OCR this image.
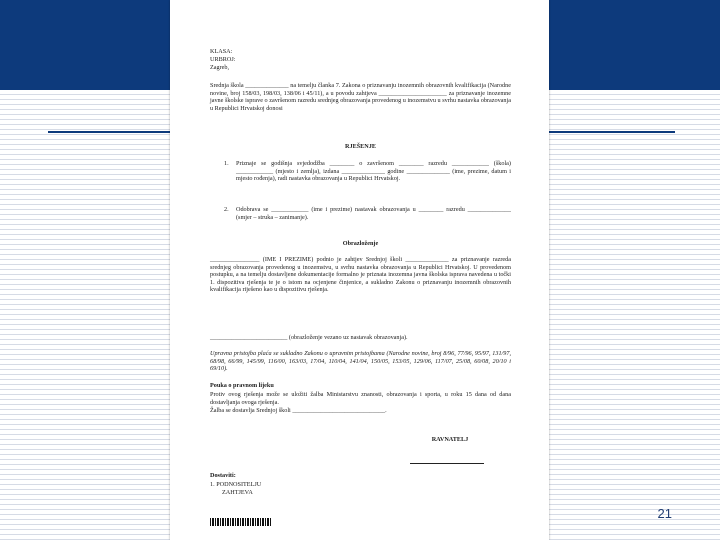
KLASA:
URBROJ:
Zagreb,
Srednja škola ______________ na temelju članka 7. Zakona o priznavanju inozemnih obrazovnih kvalifikacija (Narodne novine, broj 158/03, 198/03, 138/06 i 45/11), a u povodu zahtjeva ______________________ za priznavanje inozemne javne školske isprave o završenom razredu srednjeg obrazovanja provedenog u inozemstvu u svrhu nastavka obrazovanja u Republici Hrvatskoj donosi
RJEŠENJE
1. Priznaje se godišnja svjedodžba ________ o završenom ________ razredu ____________ (škola) ____________ (mjesto i zemlja), izdana ______________ godine ______________ (ime, prezime, datum i mjesto rođenja), radi nastavka obrazovanja u Republici Hrvatskoj.
2. Odobrava se ____________ (ime i prezime) nastavak obrazovanja u ________ razredu ______________ (smjer – struka – zanimanje).
Obrazloženje
________________ (IME I PREZIME) podnio je zahtjev Srednjoj školi ______________ za priznavanje razreda srednjeg obrazovanja provedenog u inozemstvu, u svrhu nastavka obrazovanja u Republici Hrvatskoj. U provedenom postupku, a na temelju dostavljene dokumentacije formalno je priznata inozemna javna školska isprava navedena u točki 1. dispozitiva rješenja te je o istom na ocjenjene činjenice, a sukladno Zakonu o priznavanju inozemnih obrazovnih kvalifikacija riješeno kao u dispozitivu rješenja.
_________________________ (obrazloženje vezano uz nastavak obrazovanja).
Upravna pristojba plaća se sukladno Zakonu o upravnim pristojbama (Narodne novine, broj 8/96, 77/96, 95/97, 131/97, 68/98, 66/99, 145/99, 116/00, 163/03, 17/04, 110/04, 141/04, 150/05, 153/05, 129/06, 117/07, 25/08, 60/08, 20/10 i 69/10).
Pouka o pravnom lijeku
Protiv ovog rješenja može se uložiti žalba Ministarstvu znanosti, obrazovanja i sporta, u roku 15 dana od dana dostavljanja ovoga rješenja.
Žalba se dostavlja Srednjoj školi ______________________________.
RAVNATELJ
Dostaviti:
1. PODNOSITELJU
ZAHTJEVA
21
